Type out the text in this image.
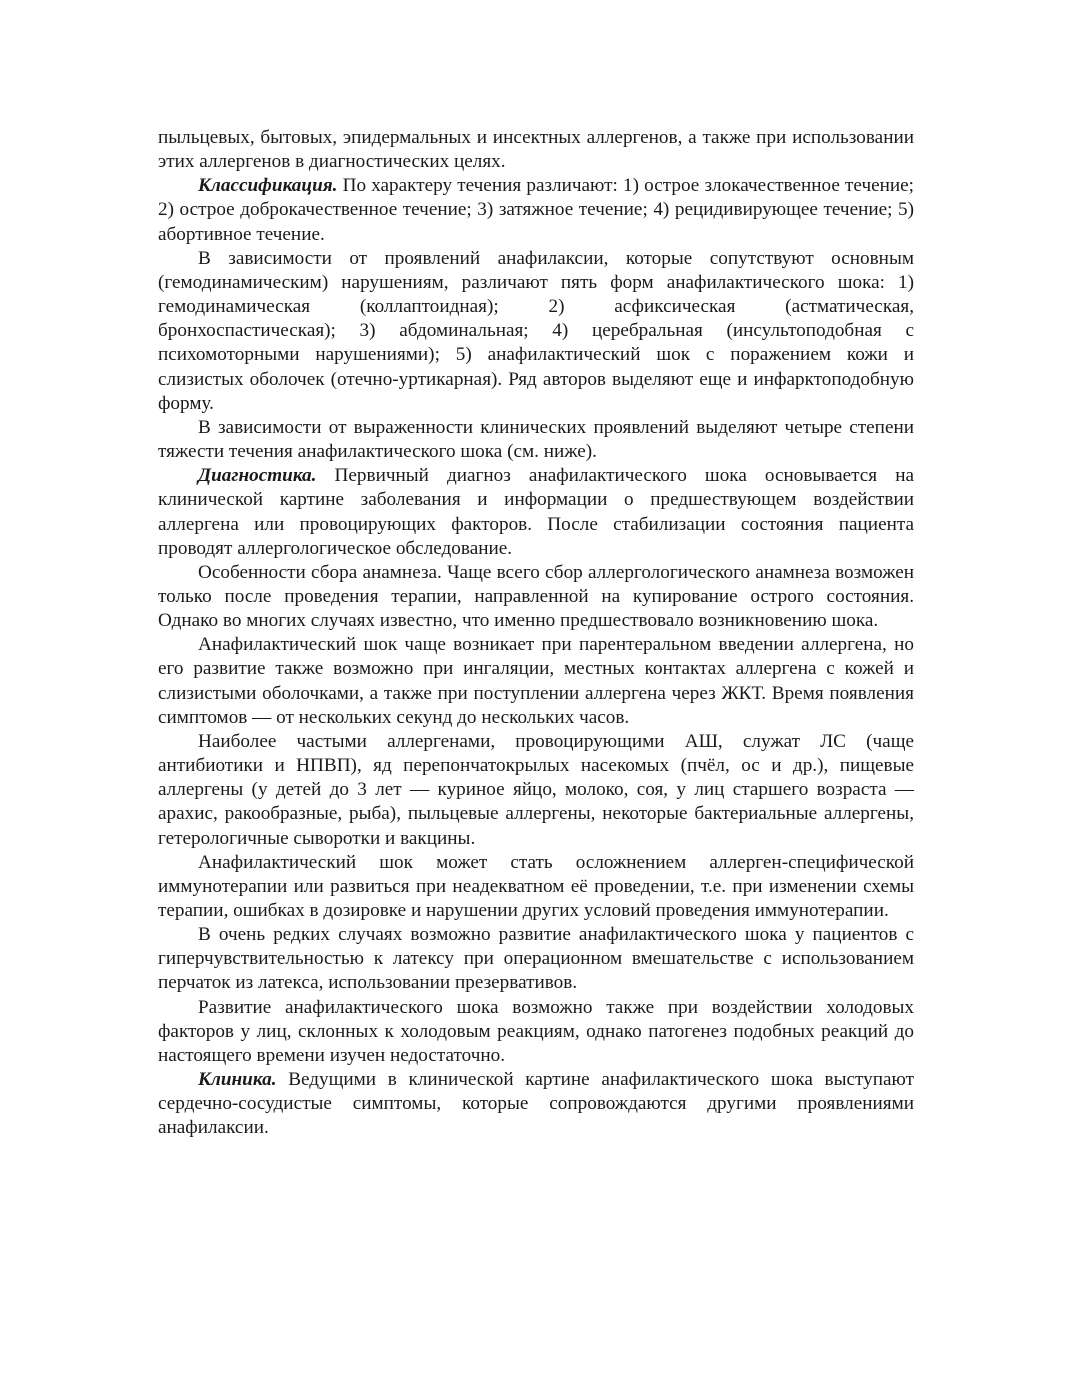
пыльцевых, бытовых, эпидермальных и инсектных аллергенов, а также при использовании этих аллергенов в диагностических целях.

Классификация. По характеру течения различают: 1) острое злокачественное течение; 2) острое доброкачественное течение; 3) затяжное течение; 4) рецидивирующее течение; 5) абортивное течение.

В зависимости от проявлений анафилаксии, которые сопутствуют основным (гемодинамическим) нарушениям, различают пять форм анафилактического шока: 1) гемодинамическая (коллаптоидная); 2) асфиксическая (астматическая, бронхоспастическая); 3) абдоминальная; 4) церебральная (инсультоподобная с психомоторными нарушениями); 5) анафилактический шок с поражением кожи и слизистых оболочек (отечно-уртикарная). Ряд авторов выделяют еще и инфарктоподобную форму.

В зависимости от выраженности клинических проявлений выделяют четыре степени тяжести течения анафилактического шока (см. ниже).

Диагностика. Первичный диагноз анафилактического шока основывается на клинической картине заболевания и информации о предшествующем воздействии аллергена или провоцирующих факторов. После стабилизации состояния пациента проводят аллергологическое обследование.

Особенности сбора анамнеза. Чаще всего сбор аллергологического анамнеза возможен только после проведения терапии, направленной на купирование острого состояния. Однако во многих случаях известно, что именно предшествовало возникновению шока.

Анафилактический шок чаще возникает при парентеральном введении аллергена, но его развитие также возможно при ингаляции, местных контактах аллергена с кожей и слизистыми оболочками, а также при поступлении аллергена через ЖКТ. Время появления симптомов — от нескольких секунд до нескольких часов.

Наиболее частыми аллергенами, провоцирующими АШ, служат ЛС (чаще антибиотики и НПВП), яд перепончатокрылых насекомых (пчёл, ос и др.), пищевые аллергены (у детей до 3 лет — куриное яйцо, молоко, соя, у лиц старшего возраста — арахис, ракообразные, рыба), пыльцевые аллергены, некоторые бактериальные аллергены, гетерологичные сыворотки и вакцины.

Анафилактический шок может стать осложнением аллерген-специфической иммунотерапии или развиться при неадекватном её проведении, т.е. при изменении схемы терапии, ошибках в дозировке и нарушении других условий проведения иммунотерапии.

В очень редких случаях возможно развитие анафилактического шока у пациентов с гиперчувствительностью к латексу при операционном вмешательстве с использованием перчаток из латекса, использовании презервативов.

Развитие анафилактического шока возможно также при воздействии холодовых факторов у лиц, склонных к холодовым реакциям, однако патогенез подобных реакций до настоящего времени изучен недостаточно.

Клиника. Ведущими в клинической картине анафилактического шока выступают сердечно-сосудистые симптомы, которые сопровождаются другими проявлениями анафилаксии.
